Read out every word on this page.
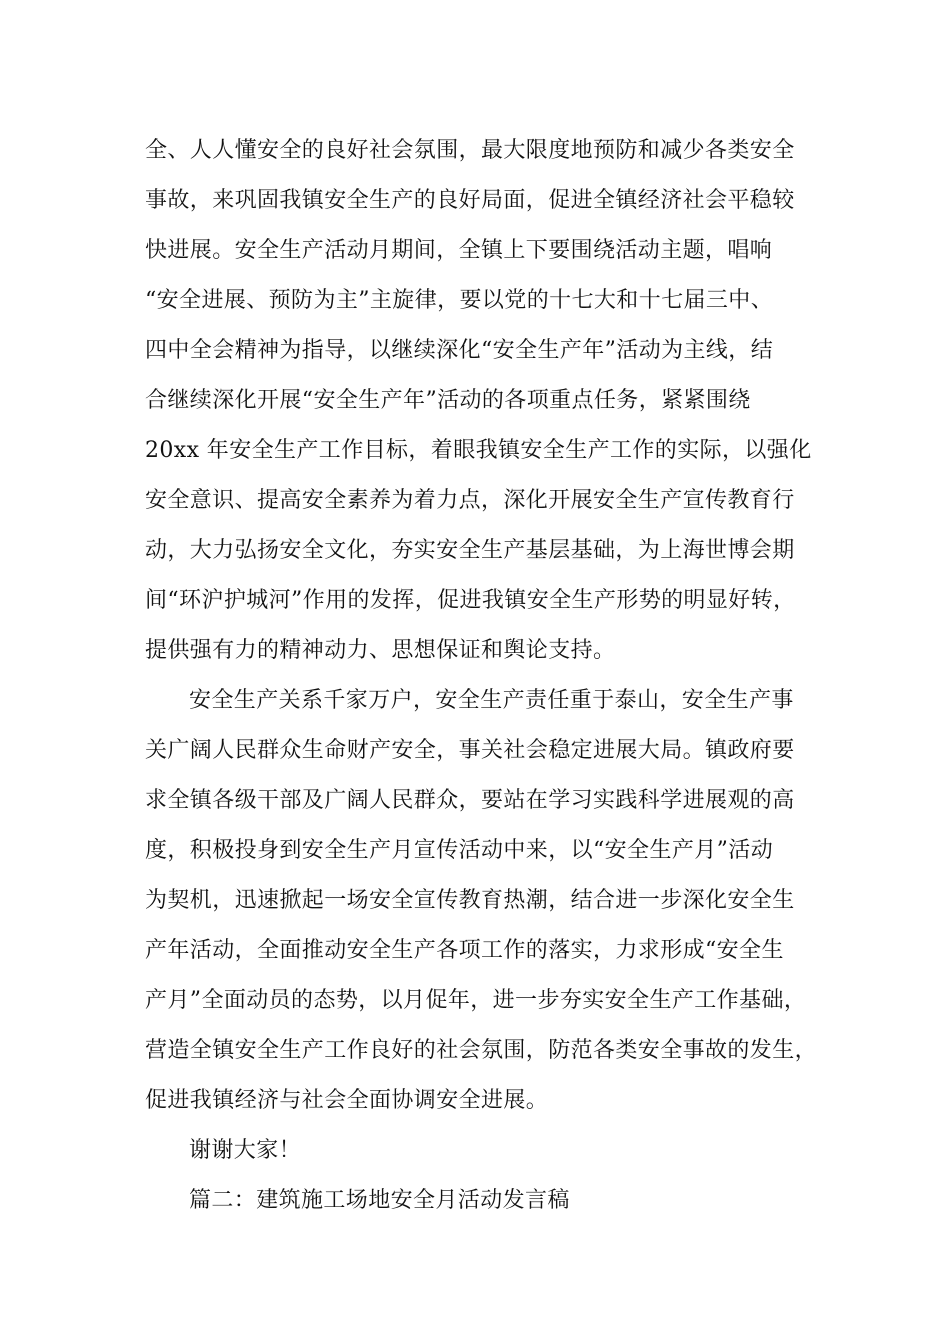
全、人人懂安全的良好社会氛围，最大限度地预防和减少各类安全
事故，来巩固我镇安全生产的良好局面，促进全镇经济社会平稳较
快进展。安全生产活动月期间，全镇上下要围绕活动主题，唱响
“安全进展、预防为主”主旋律，要以党的十七大和十七届三中、
四中全会精神为指导，以继续深化“安全生产年”活动为主线，结
合继续深化开展“安全生产年”活动的各项重点任务，紧紧围绕
20xx 年安全生产工作目标，着眼我镇安全生产工作的实际，以强化
安全意识、提高安全素养为着力点，深化开展安全生产宣传教育行
动，大力弘扬安全文化，夯实安全生产基层基础，为上海世博会期
间“环沪护城河”作用的发挥，促进我镇安全生产形势的明显好转，
提供强有力的精神动力、思想保证和舆论支持。
安全生产关系千家万户，安全生产责任重于泰山，安全生产事
关广阔人民群众生命财产安全，事关社会稳定进展大局。镇政府要
求全镇各级干部及广阔人民群众，要站在学习实践科学进展观的高
度，积极投身到安全生产月宣传活动中来，以“安全生产月”活动
为契机，迅速掀起一场安全宣传教育热潮，结合进一步深化安全生
产年活动，全面推动安全生产各项工作的落实，力求形成“安全生
产月”全面动员的态势，以月促年，进一步夯实安全生产工作基础，
营造全镇安全生产工作良好的社会氛围，防范各类安全事故的发生，
促进我镇经济与社会全面协调安全进展。
谢谢大家！
篇二：建筑施工场地安全月活动发言稿
